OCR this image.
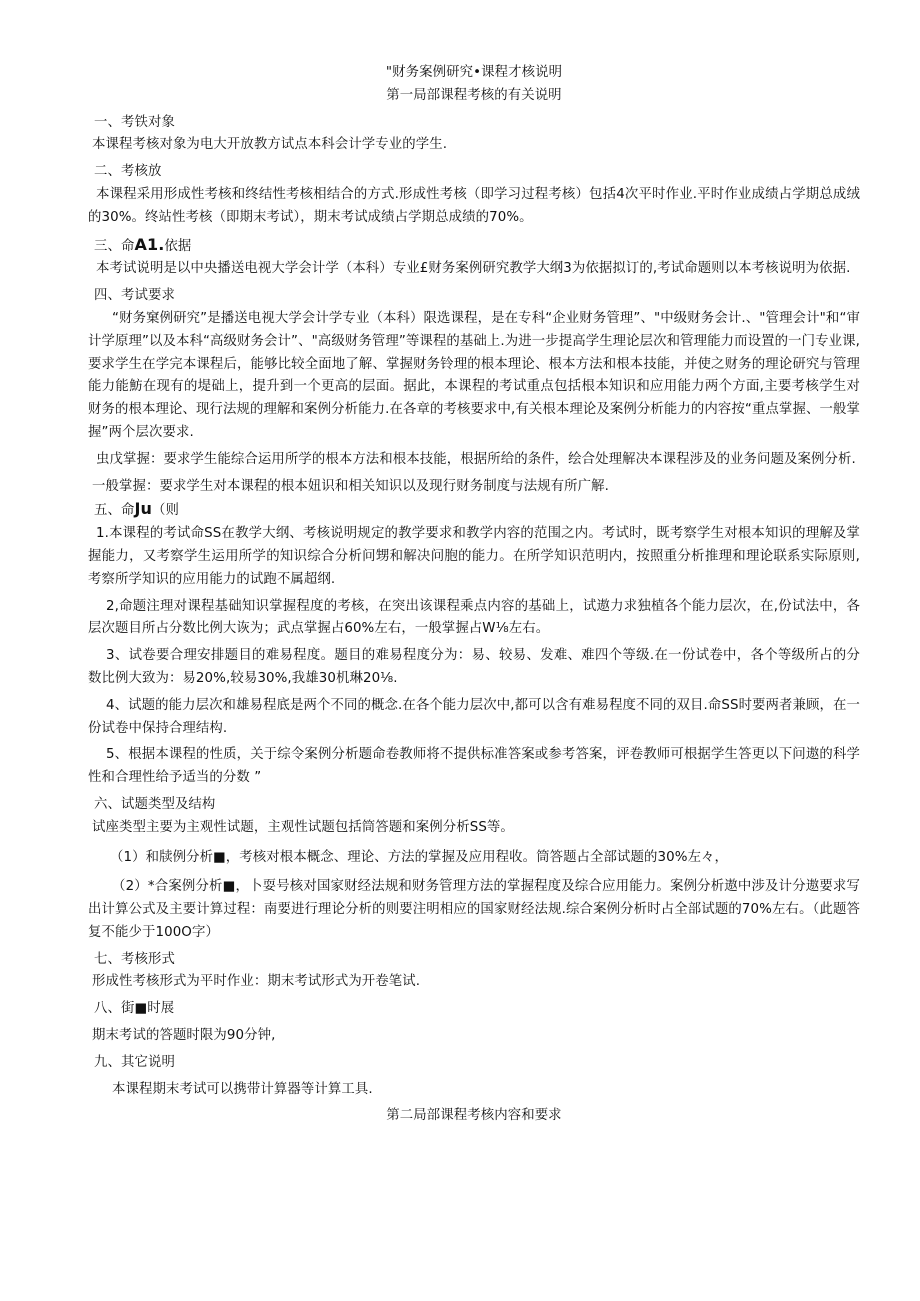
"财务案例研究•课程才核说明
第一局部课程考核的有关说明
一、考铁对象

本课程考核对象为电大开放教方试点本科会计学专业的学生.

二、考核放

本课程采用形成性考核和终结性考核相结合的方式.形成性考核（即学习过程考核）包括4次平时作业.平时作业成绩占学期总成绒的30%。终站性考核（即期末考试），期末考试成绩占学期总成绩的70%。

三、命A1.依据

本考试说明是以中央播送电视大学会计学（本科）专业£财务案例研究教学大纲3为依据拟订的,考试命题则以本考核说明为依据.

四、考试要求

“财务窠例研究”是播送电视大学会计学专业（本科）限选课程，是在专科“企业财务管理”、"中级财务会计.、"管理会计"和“审计学原理”以及本科“高级财务会计”、"高级财务管理”等课程的基础上.为进一步提高学生理论层次和管理能力而设置的一门专业课,要求学生在学完本课程后，能够比较全面地了解、掌握财务铃理的根本理论、根本方法和根本技能，并使之财务的理论研究与管理能力能魴在现有的堤础上，提升到一个更高的层面。据此，本课程的考试重点包括根本知识和应用能力两个方面,主要考核学生对财务的根本理论、现行法规的理解和案例分析能力.在各章的考核要求中,有关根本理论及案例分析能力的内容按“重点掌握、一般掌握”两个层次要求.

虫戊掌握：要求学生能综合运用所学的根本方法和根本技能，根据所给的条件，绘合处理解决本课程涉及的业务问题及案例分析.

一般掌握：要求学生对本课程的根本妞识和相关知识以及现行财务制度与法规有所广解.

五、命Ju（则

1.本课程的考试命SS在教学大纲、考核说明规定的教学要求和教学内容的范围之内。考试时，既考察学生对根本知识的理解及掌握能力，又考察学生运用所学的知识综合分析问甥和解决问胞的能力。在所学知识范明内，按照重分析推理和理论联系实际原则,考察所学知识的应用能力的试跑不属超纲.

2,命题注理对课程基础知识掌握程度的考核，在突出该课程乘点内容的基础上，试遨力求独植各个能力层次，在,份试法中，各层次题目所占分数比例大诙为；武点掌握占60%左右，一般掌握占W⅛左右。

3、试卷要合理安排题目的难易程度。题目的难易程度分为：易、较易、发难、难四个等级.在一份试卷中，各个等级所占的分数比例大致为：易20%,较易30%,我雄30机琳20⅛.

4、试题的能力层次和雄易程底是两个不同的概念.在各个能力层次中,都可以含有难易程度不同的双目.命SS时要两者兼顾，在一份试卷中保持合理结构.

5、根据本课程的性质，关于综令案例分析题命卷教师将不提供标准答案或参考答案，评卷教师可根据学生答更以下问遨的科学性和合理性给予适当的分数 ”

六、试题类型及结构

试座类型主要为主观性试题，主观性试题包括筒答题和案例分析SS等。

（1）和牍例分析■，考核对根本概念、理论、方法的掌握及应用程收。筒答题占全部试题的30%左々，

（2）*合案例分析■，卜耍号核对国家财经法规和财务管理方法的掌握程度及综合应用能力。案例分析遨中涉及计分遨要求写出计算公式及主要计算过程：南要进行理论分析的则要注明相应的国家财经法规.综合案例分析时占全部试题的70%左右。（此题答复不能少于100O字）

七、考核形式

形成性考核形式为平时作业：期末考试形式为开卷笔试.

八、街■时展

期末考试的答题时限为90分钟,

九、其它说明

本课程期末考试可以携带计算器等计算工具.

第二局部课程考核内容和要求
